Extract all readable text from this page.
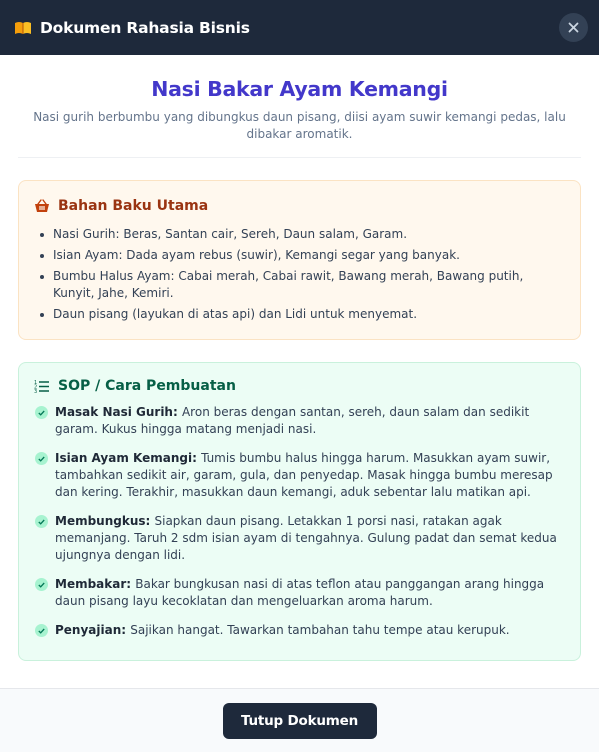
Dokumen Rahasia Bisnis
Nasi Bakar Ayam Kemangi

Nasi gurih berbumbu yang dibungkus daun pisang, diisi ayam suwir kemangi pedas, lalu dibakar aromatik.

Bahan Baku Utama
Nasi Gurih: Beras, Santan cair, Sereh, Daun salam, Garam.
Isian Ayam: Dada ayam rebus (suwir), Kemangi segar yang banyak.
Bumbu Halus Ayam: Cabai merah, Cabai rawit, Bawang merah, Bawang putih, Kunyit, Jahe, Kemiri.
Daun pisang (layukan di atas api) dan Lidi untuk menyemat.
1
2
3 SOP / Cara Pembuatan
Masak Nasi Gurih: Aron beras dengan santan, sereh, daun salam dan sedikit garam. Kukus hingga matang menjadi nasi.
Isian Ayam Kemangi: Tumis bumbu halus hingga harum. Masukkan ayam suwir, tambahkan sedikit air, garam, gula, dan penyedap. Masak hingga bumbu meresap dan kering. Terakhir, masukkan daun kemangi, aduk sebentar lalu matikan api.
Membungkus: Siapkan daun pisang. Letakkan 1 porsi nasi, ratakan agak memanjang. Taruh 2 sdm isian ayam di tengahnya. Gulung padat dan semat kedua ujungnya dengan lidi.
Membakar: Bakar bungkusan nasi di atas teflon atau panggangan arang hingga daun pisang layu kecoklatan dan mengeluarkan aroma harum.
Penyajian: Sajikan hangat. Tawarkan tambahan tahu tempe atau kerupuk.
Tutup Dokumen
